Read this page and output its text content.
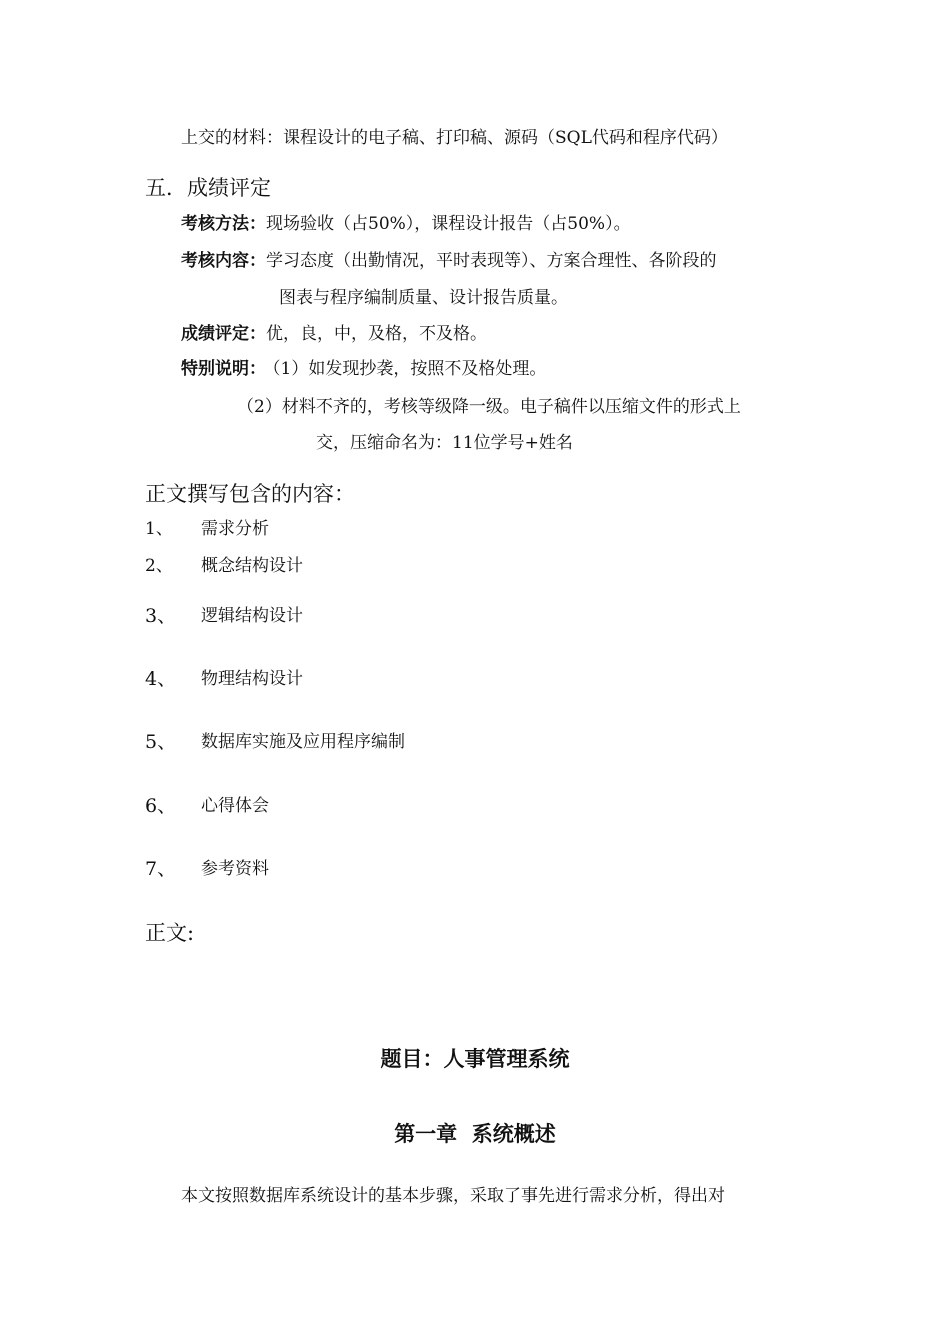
上交的材料：课程设计的电子稿、打印稿、源码（SQL代码和程序代码）
五．成绩评定
考核方法：现场验收（占50%），课程设计报告（占50%）。
考核内容：学习态度（出勤情况，平时表现等）、方案合理性、各阶段的
图表与程序编制质量、设计报告质量。
成绩评定：优，良，中，及格，不及格。
特别说明： （1）如发现抄袭，按照不及格处理。
（2）材料不齐的，考核等级降一级。电子稿件以压缩文件的形式上
交，压缩命名为：11位学号+姓名
正文撰写包含的内容：
1、 需求分析
2、 概念结构设计
3、 逻辑结构设计
4、 物理结构设计
5、 数据库实施及应用程序编制
6、 心得体会
7、 参考资料
正文:
题目：人事管理系统
第一章  系统概述
本文按照数据库系统设计的基本步骤，采取了事先进行需求分析，得出对
